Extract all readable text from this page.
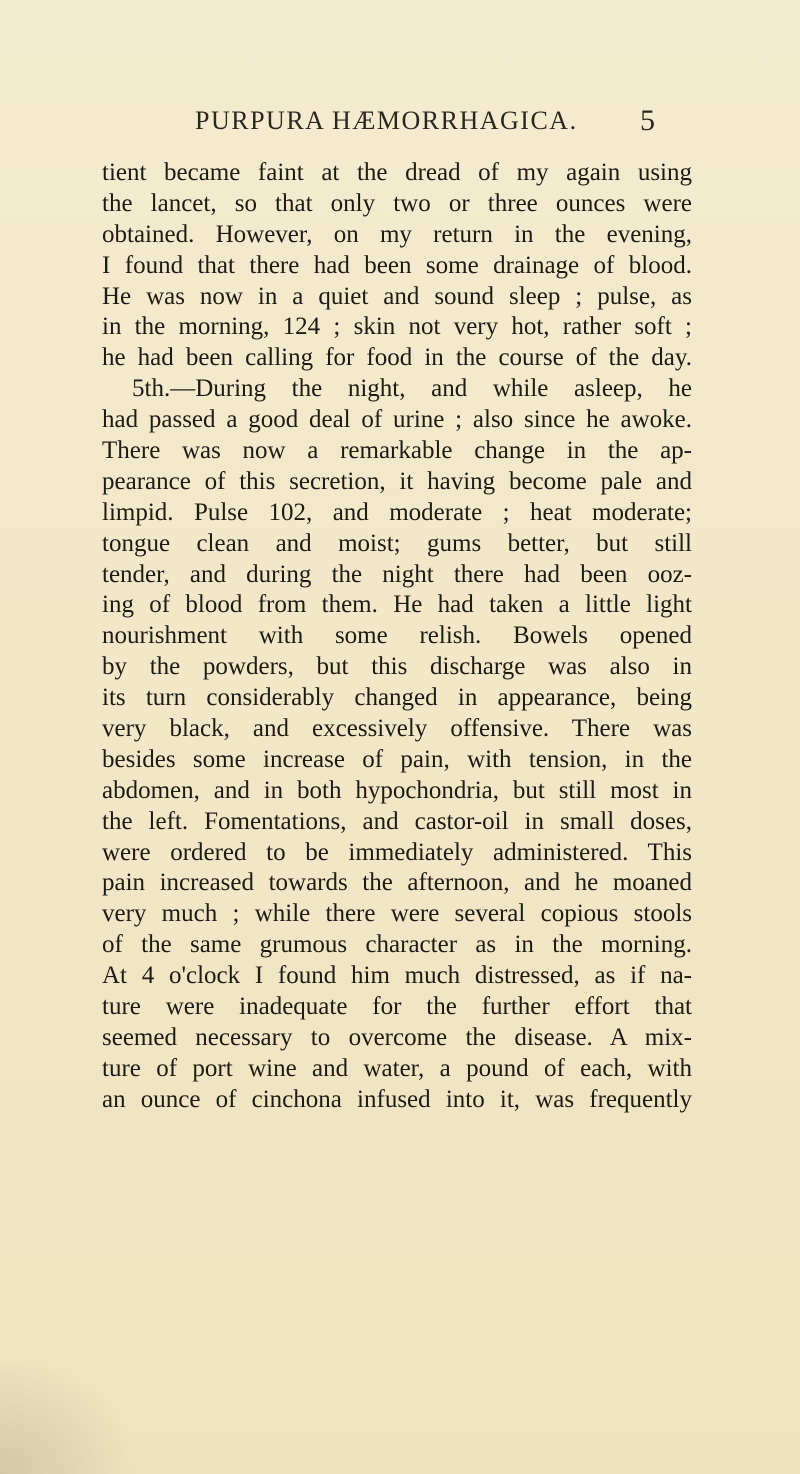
PURPURA HÆMORRHAGICA. 5
tient became faint at the dread of my again using
the lancet, so that only two or three ounces were
obtained. However, on my return in the evening,
I found that there had been some drainage of blood.
He was now in a quiet and sound sleep ; pulse, as
in the morning, 124 ; skin not very hot, rather soft ;
he had been calling for food in the course of the day.
5th.—During the night, and while asleep, he
had passed a good deal of urine ; also since he awoke.
There was now a remarkable change in the ap-
pearance of this secretion, it having become pale and
limpid. Pulse 102, and moderate ; heat moderate;
tongue clean and moist; gums better, but still
tender, and during the night there had been ooz-
ing of blood from them. He had taken a little light
nourishment with some relish. Bowels opened
by the powders, but this discharge was also in
its turn considerably changed in appearance, being
very black, and excessively offensive. There was
besides some increase of pain, with tension, in the
abdomen, and in both hypochondria, but still most in
the left. Fomentations, and castor-oil in small doses,
were ordered to be immediately administered. This
pain increased towards the afternoon, and he moaned
very much ; while there were several copious stools
of the same grumous character as in the morning.
At 4 o'clock I found him much distressed, as if na-
ture were inadequate for the further effort that
seemed necessary to overcome the disease. A mix-
ture of port wine and water, a pound of each, with
an ounce of cinchona infused into it, was frequently
